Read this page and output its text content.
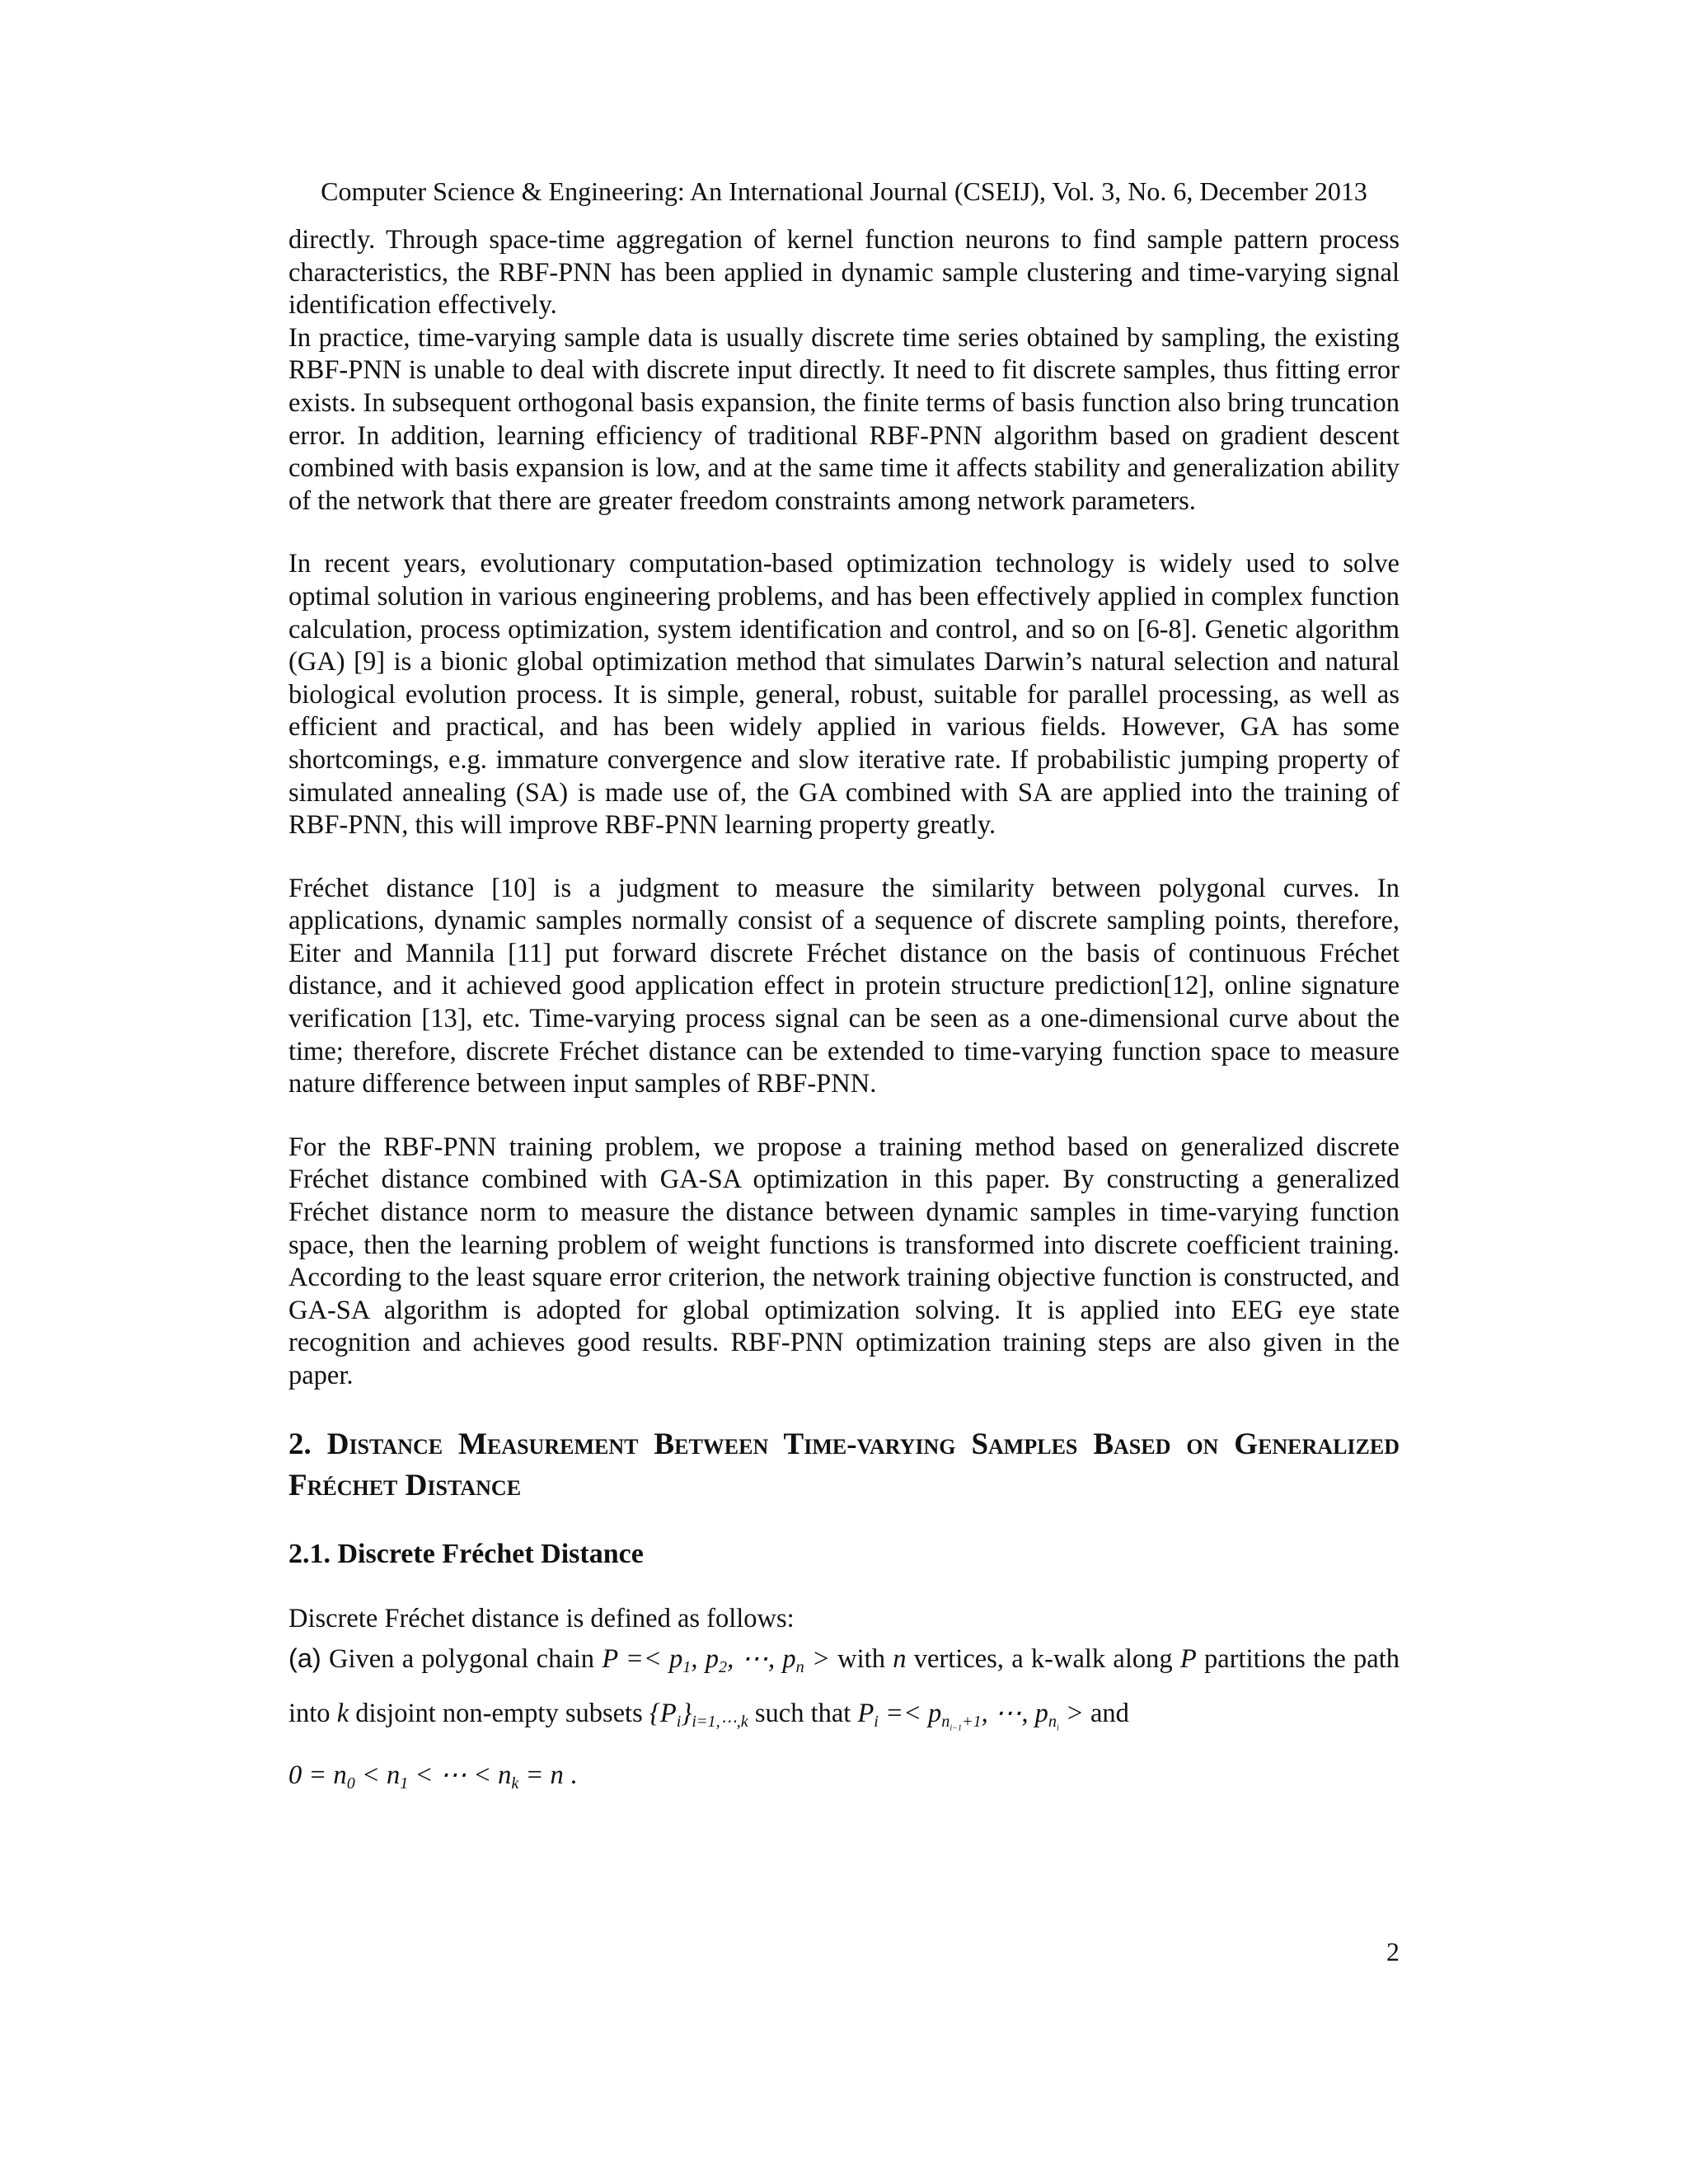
Computer Science & Engineering: An International Journal (CSEIJ), Vol. 3, No. 6, December 2013

directly. Through space-time aggregation of kernel function neurons to find sample pattern process characteristics, the RBF-PNN has been applied in dynamic sample clustering and time-varying signal identification effectively.

In practice, time-varying sample data is usually discrete time series obtained by sampling, the existing RBF-PNN is unable to deal with discrete input directly. It need to fit discrete samples, thus fitting error exists. In subsequent orthogonal basis expansion, the finite terms of basis function also bring truncation error. In addition, learning efficiency of traditional RBF-PNN algorithm based on gradient descent combined with basis expansion is low, and at the same time it affects stability and generalization ability of the network that there are greater freedom constraints among network parameters.

In recent years, evolutionary computation-based optimization technology is widely used to solve optimal solution in various engineering problems, and has been effectively applied in complex function calculation, process optimization, system identification and control, and so on [6-8]. Genetic algorithm (GA) [9] is a bionic global optimization method that simulates Darwin’s natural selection and natural biological evolution process. It is simple, general, robust, suitable for parallel processing, as well as efficient and practical, and has been widely applied in various fields. However, GA has some shortcomings, e.g. immature convergence and slow iterative rate. If probabilistic jumping property of simulated annealing (SA) is made use of, the GA combined with SA are applied into the training of RBF-PNN, this will improve RBF-PNN learning property greatly.

Fréchet distance [10] is a judgment to measure the similarity between polygonal curves. In applications, dynamic samples normally consist of a sequence of discrete sampling points, therefore, Eiter and Mannila [11] put forward discrete Fréchet distance on the basis of continuous Fréchet distance, and it achieved good application effect in protein structure prediction[12], online signature verification [13], etc. Time-varying process signal can be seen as a one-dimensional curve about the time; therefore, discrete Fréchet distance can be extended to time-varying function space to measure nature difference between input samples of RBF-PNN.

For the RBF-PNN training problem, we propose a training method based on generalized discrete Fréchet distance combined with GA-SA optimization in this paper. By constructing a generalized Fréchet distance norm to measure the distance between dynamic samples in time-varying function space, then the learning problem of weight functions is transformed into discrete coefficient training. According to the least square error criterion, the network training objective function is constructed, and GA-SA algorithm is adopted for global optimization solving. It is applied into EEG eye state recognition and achieves good results. RBF-PNN optimization training steps are also given in the paper.

2. Distance Measurement Between Time-varying Samples Based on Generalized Fréchet Distance
2.1. Discrete Fréchet Distance

Discrete Fréchet distance is defined as follows:

(a) Given a polygonal chain $P =< p_1$, $p_2$, ⋯, $p_n$ > with n vertices, a k-walk along P partitions the path into k disjoint non-empty subsets $\{P_i\}_{i=1,\cdots,k}$ such that $P_i =< p_{n_{i-1}+1}$, ⋯, $p_{n_i}$ > and
$0 = n_0 < n_1$ < ⋯ < $n_k = n$ .

2
